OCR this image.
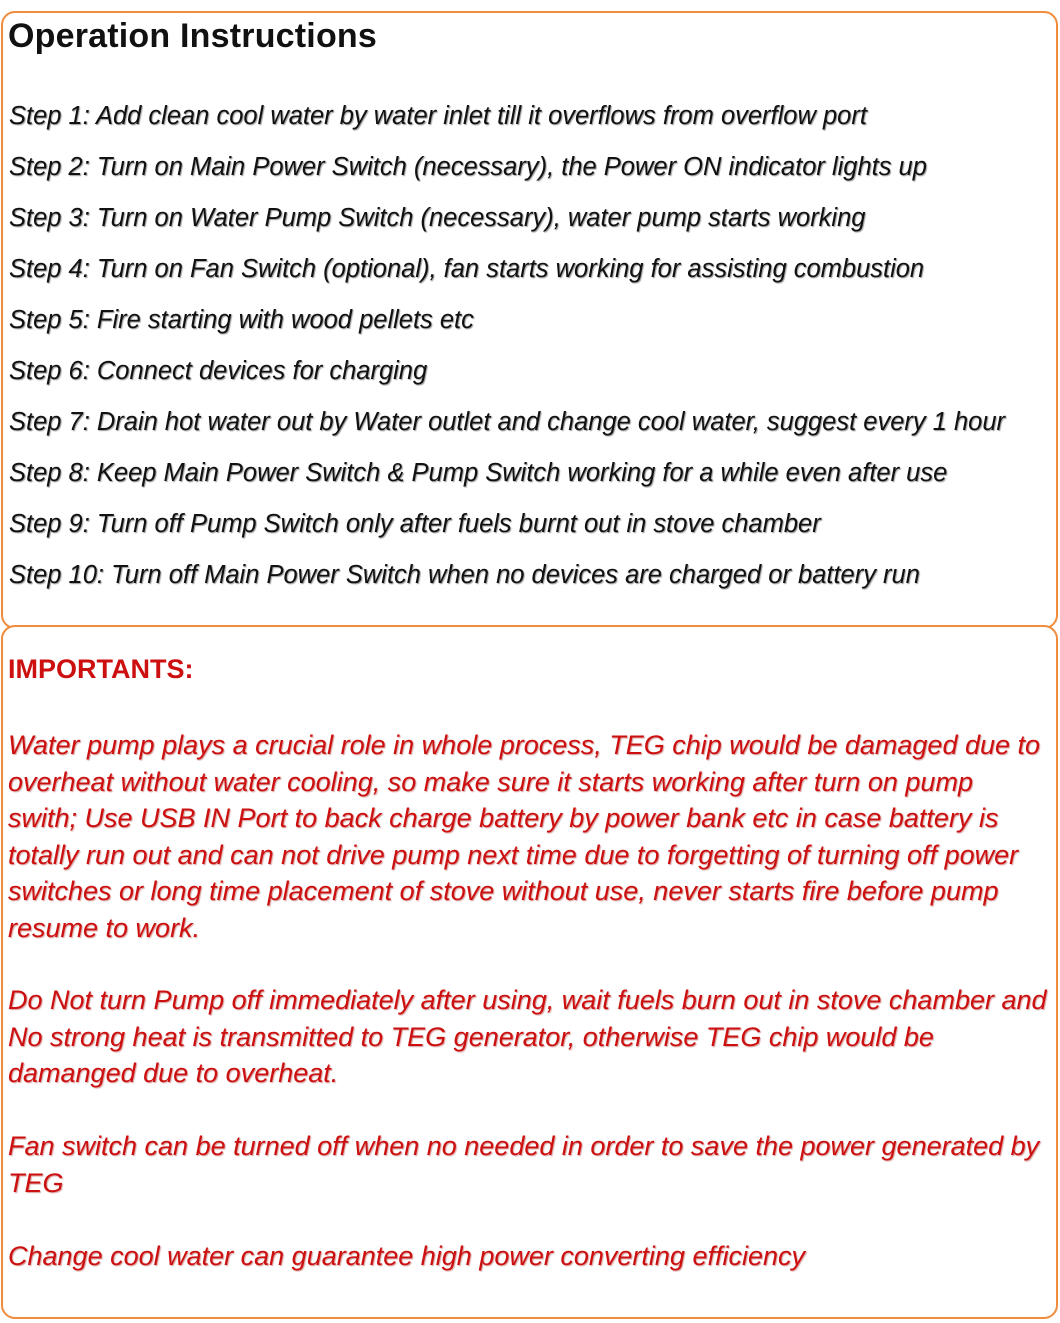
Operation Instructions
Step 1: Add clean cool water by water inlet till it overflows from overflow port
Step 2: Turn on Main Power Switch (necessary), the Power ON indicator lights up
Step 3: Turn on Water Pump Switch (necessary), water pump starts working
Step 4: Turn on Fan Switch (optional), fan starts working for assisting combustion
Step 5: Fire starting with wood pellets etc
Step 6: Connect devices for charging
Step 7: Drain hot water out by Water outlet and change cool water, suggest every 1 hour
Step 8: Keep Main Power Switch & Pump Switch working for a while even after use
Step 9: Turn off Pump Switch only after fuels burnt out in stove chamber
Step 10: Turn off Main Power Switch when no devices are charged or battery run
IMPORTANTS:

Water pump plays a crucial role in whole process, TEG chip would be damaged due to overheat without water cooling, so make sure it starts working after turn on pump swith; Use USB IN Port to back charge battery by power bank etc in case battery is totally run out and can not drive pump next time due to forgetting of turning off power switches or long time placement of stove without use, never starts fire before pump resume to work.

Do Not turn Pump off immediately after using, wait fuels burn out in stove chamber and No strong heat is transmitted to TEG generator, otherwise TEG chip would be damanged due to overheat.

Fan switch can be turned off when no needed in order to save the power generated by TEG

Change cool water can guarantee high power converting efficiency
